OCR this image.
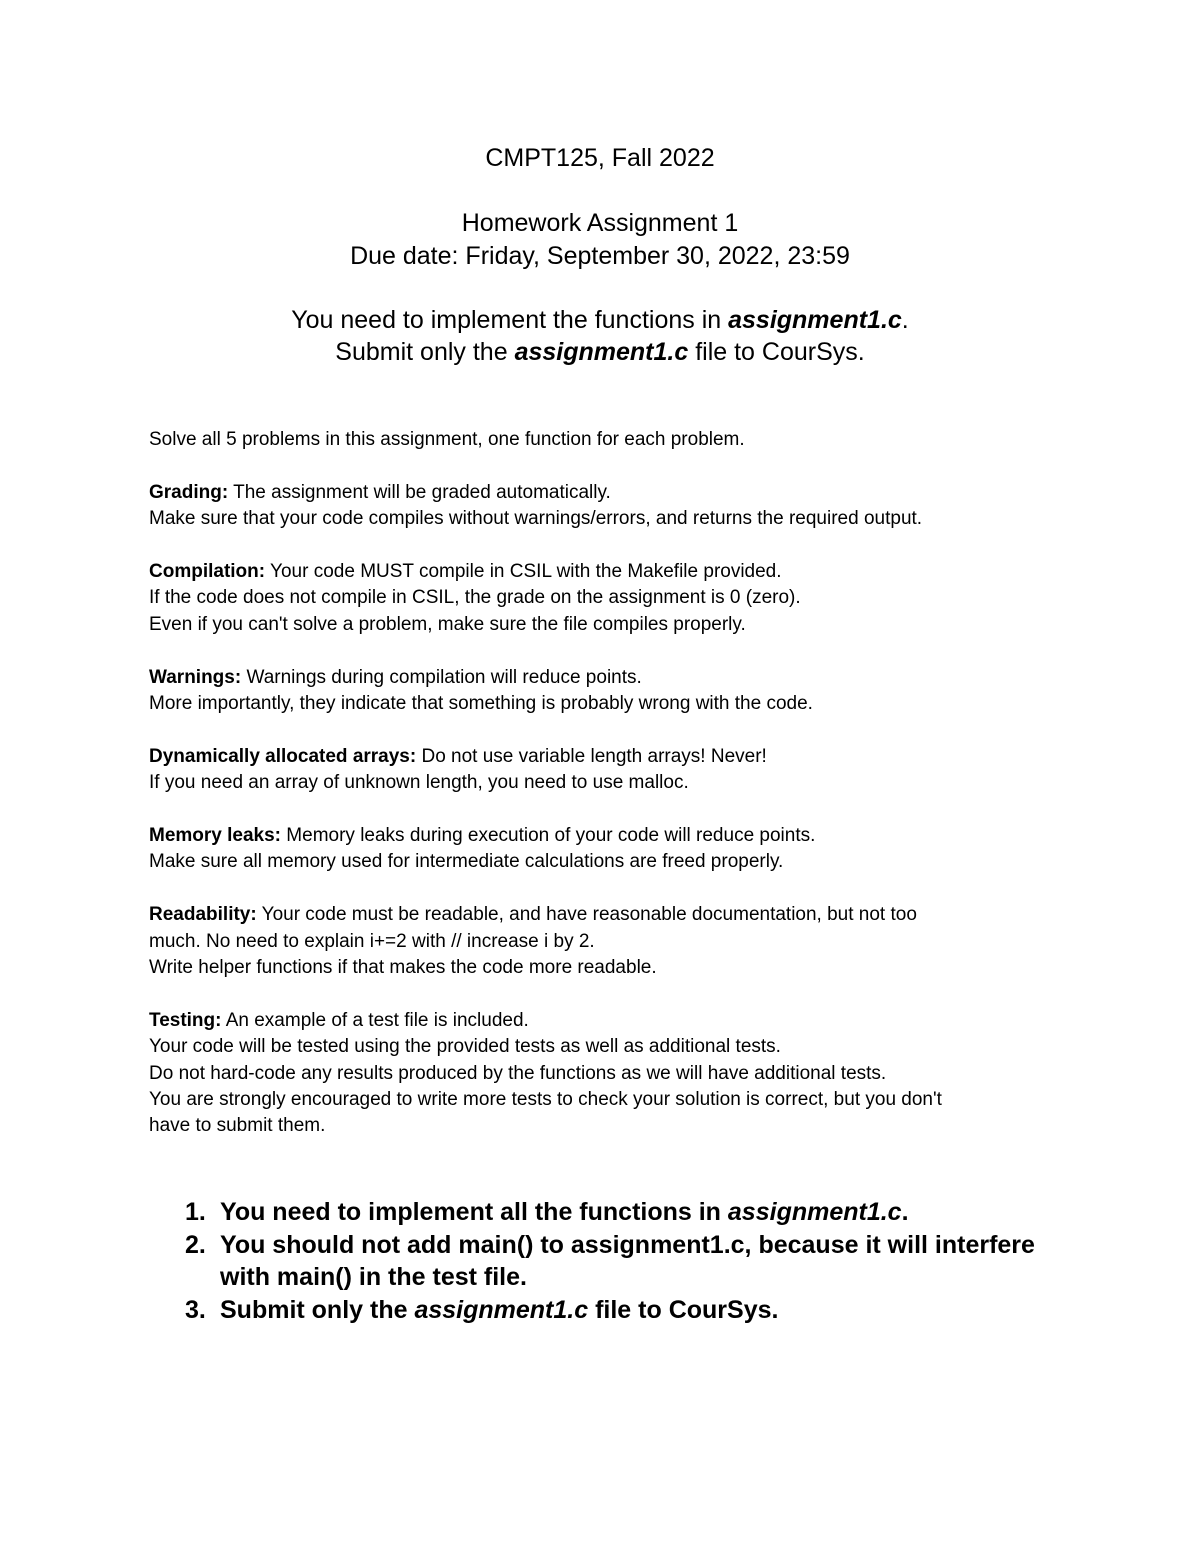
CMPT125, Fall 2022
Homework Assignment 1
Due date: Friday, September 30, 2022, 23:59
You need to implement the functions in assignment1.c.
Submit only the assignment1.c file to CourSys.

Solve all 5 problems in this assignment, one function for each problem.

Grading: The assignment will be graded automatically.
Make sure that your code compiles without warnings/errors, and returns the required output.

Compilation: Your code MUST compile in CSIL with the Makefile provided.
If the code does not compile in CSIL, the grade on the assignment is 0 (zero).
Even if you can't solve a problem, make sure the file compiles properly.

Warnings: Warnings during compilation will reduce points.
More importantly, they indicate that something is probably wrong with the code.

Dynamically allocated arrays: Do not use variable length arrays! Never!
If you need an array of unknown length, you need to use malloc.

Memory leaks: Memory leaks during execution of your code will reduce points.
Make sure all memory used for intermediate calculations are freed properly.

Readability: Your code must be readable, and have reasonable documentation, but not too
much. No need to explain i+=2 with // increase i by 2.
Write helper functions if that makes the code more readable.

Testing: An example of a test file is included.
Your code will be tested using the provided tests as well as additional tests.
Do not hard-code any results produced by the functions as we will have additional tests.
You are strongly encouraged to write more tests to check your solution is correct, but you don't
have to submit them.

1. You need to implement all the functions in assignment1.c.
2. You should not add main() to assignment1.c, because it will interfere
with main() in the test file.
3. Submit only the assignment1.c file to CourSys.
